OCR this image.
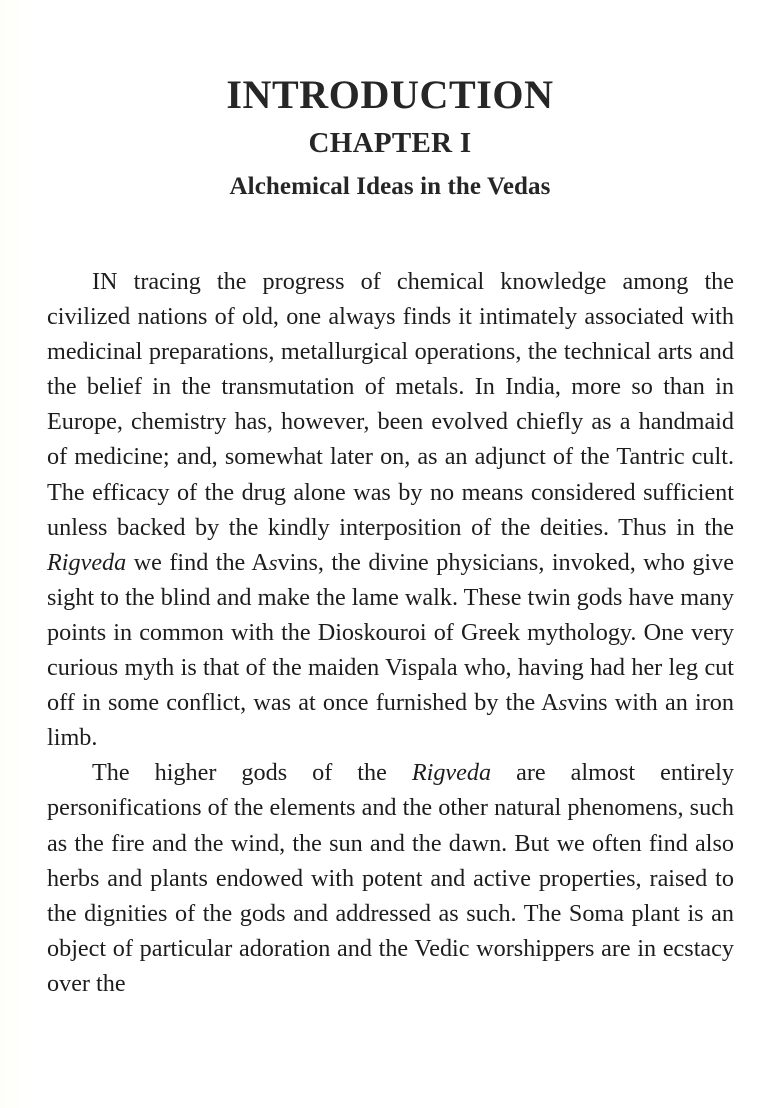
INTRODUCTION
CHAPTER I
Alchemical Ideas in the Vedas

IN tracing the progress of chemical knowledge among the civilized nations of old, one always finds it intimately associated with medicinal preparations, metallurgical operations, the technical arts and the belief in the transmutation of metals. In India, more so than in Europe, chemistry has, however, been evolved chiefly as a handmaid of medicine; and, somewhat later on, as an adjunct of the Tantric cult. The efficacy of the drug alone was by no means considered sufficient unless backed by the kindly interposition of the deities. Thus in the Rigveda we find the Asvins, the divine physicians, invoked, who give sight to the blind and make the lame walk. These twin gods have many points in common with the Dioskouroi of Greek mythology. One very curious myth is that of the maiden Vispala who, having had her leg cut off in some conflict, was at once furnished by the Asvins with an iron limb.

The higher gods of the Rigveda are almost entirely personifications of the elements and the other natural phenomens, such as the fire and the wind, the sun and the dawn. But we often find also herbs and plants endowed with potent and active properties, raised to the dignities of the gods and addressed as such. The Soma plant is an object of particular adoration and the Vedic worshippers are in ecstacy over the
